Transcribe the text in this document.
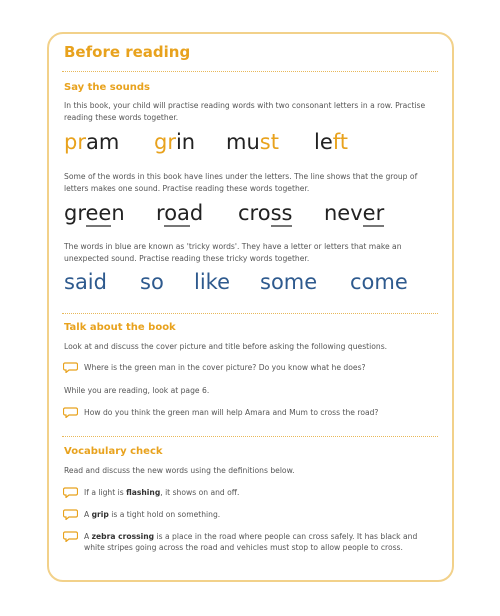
Before reading
Say the sounds
In this book, your child will practise reading words with two consonant letters in a row. Practise reading these words together.
pram	grin	must	left
Some of the words in this book have lines under the letters. The line shows that the group of letters makes one sound. Practise reading these words together.
green	road	cross	never
The words in blue are known as 'tricky words'. They have a letter or letters that make an unexpected sound. Practise reading these tricky words together.
said	so	like	some	come
Talk about the book
Look at and discuss the cover picture and title before asking the following questions.
Where is the green man in the cover picture? Do you know what he does?
While you are reading, look at page 6.
How do you think the green man will help Amara and Mum to cross the road?
Vocabulary check
Read and discuss the new words using the definitions below.
If a light is flashing, it shows on and off.
A grip is a tight hold on something.
A zebra crossing is a place in the road where people can cross safely. It has black and white stripes going across the road and vehicles must stop to allow people to cross.
